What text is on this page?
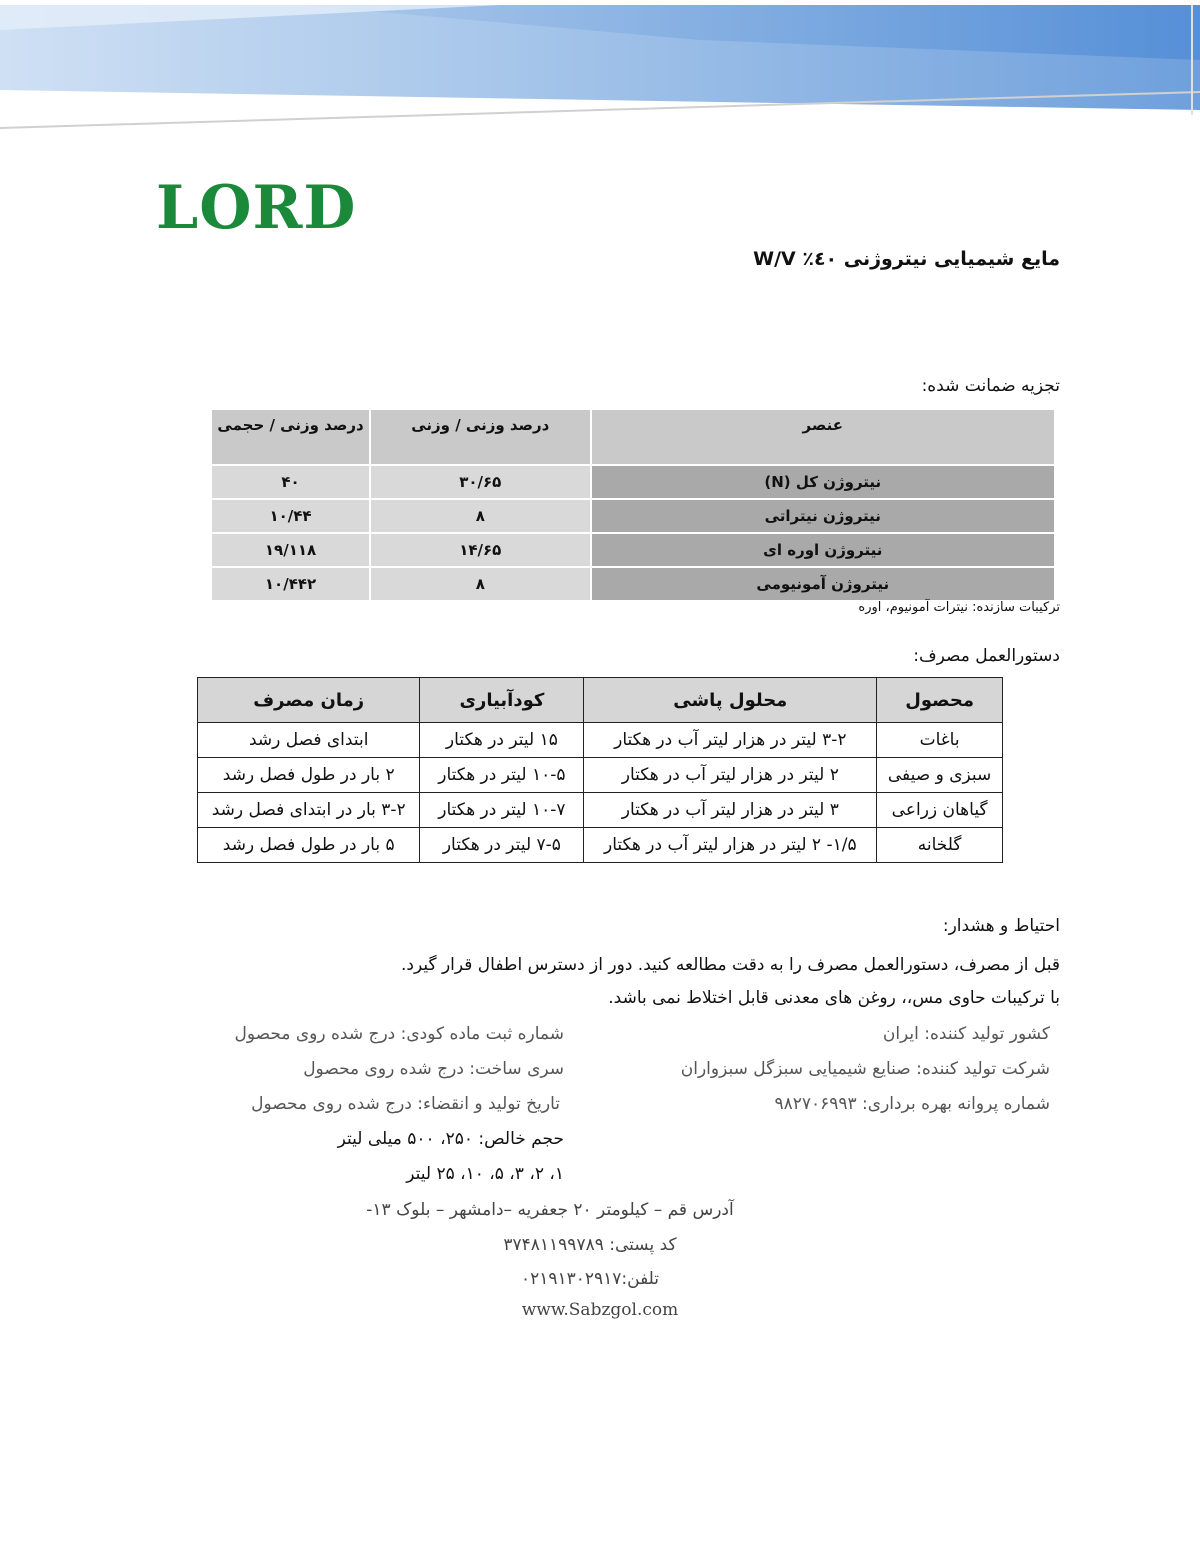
LORD
مایع شیمیایی نیتروژنی ٤٠٪ W/V
تجزیه ضمانت شده:
عنصر	درصد وزنی / وزنی	درصد وزنی / حجمی
نیتروژن کل (N)	۳۰/۶۵	۴۰
نیتروژن نیتراتی	۸	۱۰/۴۴
نیتروژن اوره ای	۱۴/۶۵	۱۹/۱۱۸
نیتروژن آمونیومی	۸	۱۰/۴۴۲
ترکیبات سازنده: نیترات آمونیوم، اوره
دستورالعمل مصرف:
محصول	محلول پاشی	کودآبیاری	زمان مصرف
باغات	۳-۲ لیتر در هزار لیتر آب در هکتار	۱۵ لیتر در هکتار	ابتدای فصل رشد
سبزی و صیفی	۲ لیتر در هزار لیتر آب در هکتار	۱۰-۵ لیتر در هکتار	۲ بار در طول فصل رشد
گیاهان زراعی	۳ لیتر در هزار لیتر آب در هکتار	۱۰-۷ لیتر در هکتار	۳-۲ بار در ابتدای فصل رشد
گلخانه	۱/۵- ۲ لیتر در هزار لیتر آب در هکتار	۷-۵ لیتر در هکتار	۵ بار در طول فصل رشد
احتیاط و هشدار:
قبل از مصرف، دستورالعمل مصرف را به دقت مطالعه کنید. دور از دسترس اطفال قرار گیرد.
با ترکیبات حاوی مس،، روغن های معدنی قابل اختلاط نمی باشد.
کشور تولید کننده: ایران
شرکت تولید کننده: صنایع شیمیایی سبزگل سبزواران
شماره پروانه بهره برداری: ۹۸۲۷۰۶۹۹۳
شماره ثبت ماده کودی: درج شده روی محصول
سری ساخت: درج شده روی محصول
تاریخ تولید و انقضاء: درج شده روی محصول
حجم خالص: ۲۵۰، ۵۰۰ میلی لیتر
۱، ۲، ۳، ۵، ۱۰، ۲۵ لیتر
آدرس قم – کیلومتر ۲۰ جعفریه –دامشهر – بلوک ۱۳-
کد پستی: ۳۷۴۸۱۱۹۹۷۸۹
تلفن:۰۲۱۹۱۳۰۲۹۱۷
www.Sabzgol.com
